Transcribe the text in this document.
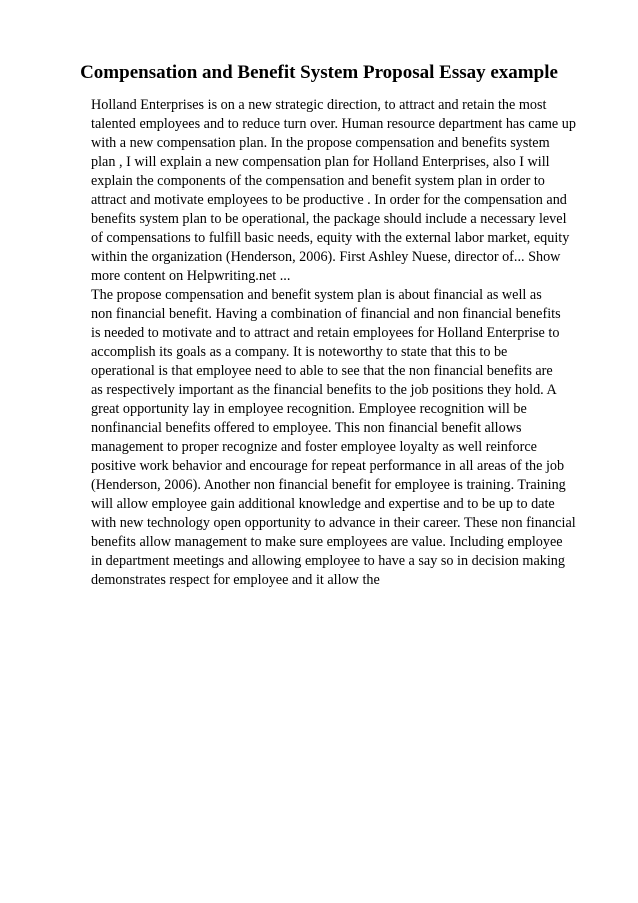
Compensation and Benefit System Proposal Essay example
Holland Enterprises is on a new strategic direction, to attract and retain the most
talented employees and to reduce turn over. Human resource department has came up
with a new compensation plan. In the propose compensation and benefits system
plan , I will explain a new compensation plan for Holland Enterprises, also I will
explain the components of the compensation and benefit system plan in order to
attract and motivate employees to be productive . In order for the compensation and
benefits system plan to be operational, the package should include a necessary level
of compensations to fulfill basic needs, equity with the external labor market, equity
within the organization (Henderson, 2006). First Ashley Nuese, director of... Show
more content on Helpwriting.net ...
The propose compensation and benefit system plan is about financial as well as
non financial benefit. Having a combination of financial and non financial benefits
is needed to motivate and to attract and retain employees for Holland Enterprise to
accomplish its goals as a company. It is noteworthy to state that this to be
operational is that employee need to able to see that the non financial benefits are
as respectively important as the financial benefits to the job positions they hold. A
great opportunity lay in employee recognition. Employee recognition will be
nonfinancial benefits offered to employee. This non financial benefit allows
management to proper recognize and foster employee loyalty as well reinforce
positive work behavior and encourage for repeat performance in all areas of the job
(Henderson, 2006). Another non financial benefit for employee is training. Training
will allow employee gain additional knowledge and expertise and to be up to date
with new technology open opportunity to advance in their career. These non financial
benefits allow management to make sure employees are value. Including employee
in department meetings and allowing employee to have a say so in decision making
demonstrates respect for employee and it allow the
